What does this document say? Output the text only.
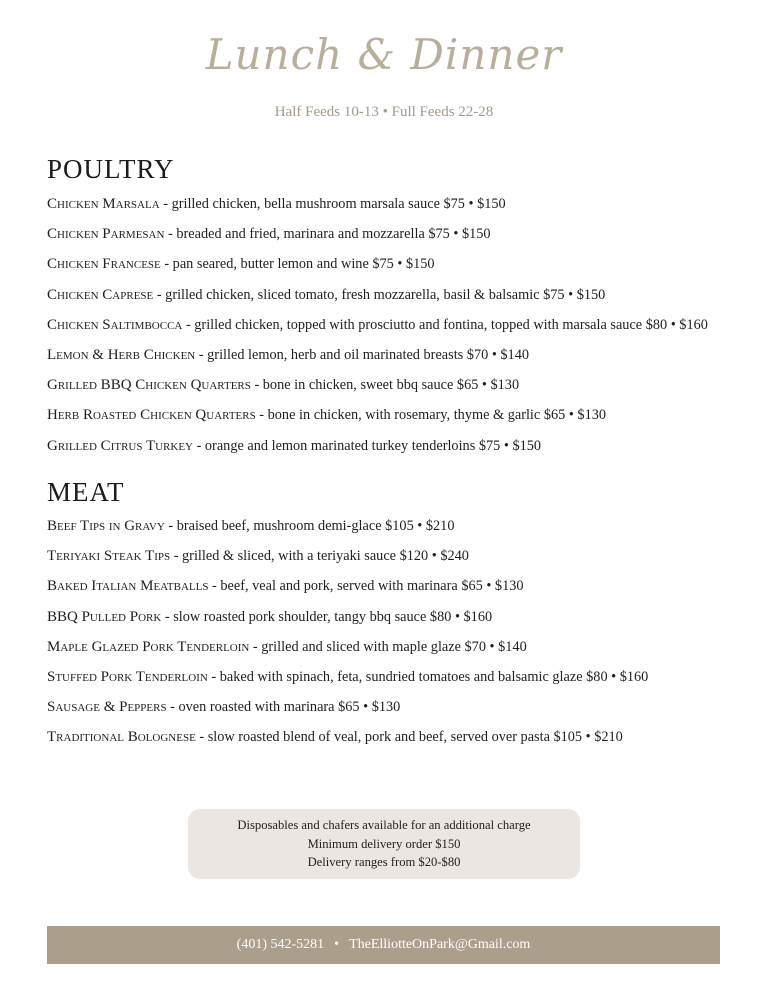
Lunch & Dinner
Half Feeds 10-13 • Full Feeds 22-28
POULTRY
Chicken Marsala - grilled chicken, bella mushroom marsala sauce $75 • $150
Chicken Parmesan - breaded and fried, marinara and mozzarella $75 • $150
Chicken Francese - pan seared, butter lemon and wine $75 • $150
Chicken Caprese - grilled chicken, sliced tomato, fresh mozzarella, basil & balsamic $75 • $150
Chicken Saltimbocca - grilled chicken, topped with prosciutto and fontina, topped with marsala sauce $80 • $160
Lemon & Herb Chicken - grilled lemon, herb and oil marinated breasts $70 • $140
Grilled BBQ Chicken Quarters - bone in chicken, sweet bbq sauce $65 • $130
Herb Roasted Chicken Quarters - bone in chicken, with rosemary, thyme & garlic $65 • $130
Grilled Citrus Turkey - orange and lemon marinated turkey tenderloins $75 • $150
MEAT
Beef Tips in Gravy - braised beef, mushroom demi-glace $105 • $210
Teriyaki Steak Tips - grilled & sliced, with a teriyaki sauce $120 • $240
Baked Italian Meatballs - beef, veal and pork, served with marinara $65 • $130
BBQ Pulled Pork - slow roasted pork shoulder, tangy bbq sauce $80 • $160
Maple Glazed Pork Tenderloin - grilled and sliced with maple glaze $70 • $140
Stuffed Pork Tenderloin - baked with spinach, feta, sundried tomatoes and balsamic glaze $80 • $160
Sausage & Peppers - oven roasted with marinara $65 • $130
Traditional Bolognese - slow roasted blend of veal, pork and beef, served over pasta $105 • $210
Disposables and chafers available for an additional charge
Minimum delivery order $150
Delivery ranges from $20-$80
(401) 542-5281 • TheElliotteOnPark@Gmail.com
